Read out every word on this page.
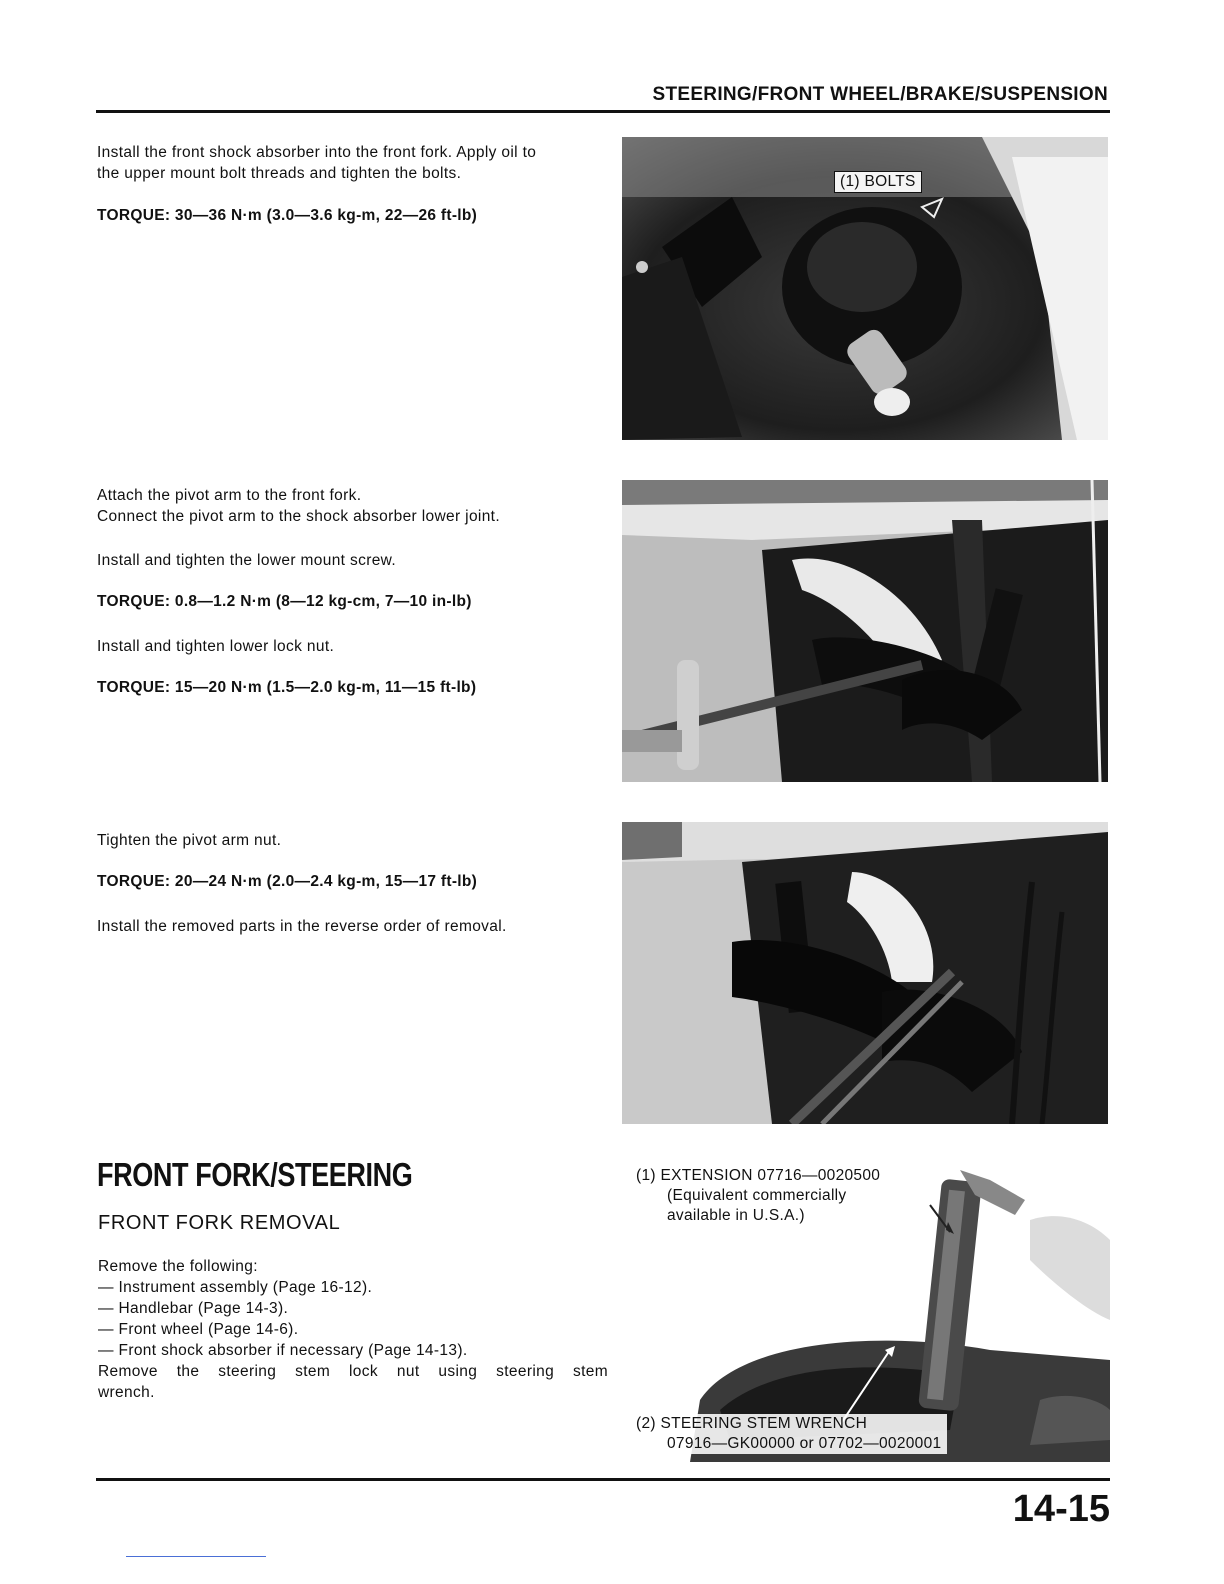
STEERING/FRONT WHEEL/BRAKE/SUSPENSION
Install the front shock absorber into the front fork. Apply oil to
the upper mount bolt threads and tighten the bolts.
TORQUE: 30—36 N·m (3.0—3.6 kg-m, 22—26 ft-lb)
(1) BOLTS
Attach the pivot arm to the front fork.
Connect the pivot arm to the shock absorber lower joint.
Install and tighten the lower mount screw.
TORQUE: 0.8—1.2 N·m (8—12 kg-cm, 7—10 in-lb)
Install and tighten lower lock nut.
TORQUE: 15—20 N·m (1.5—2.0 kg-m, 11—15 ft-lb)
Tighten the pivot arm nut.
TORQUE: 20—24 N·m (2.0—2.4 kg-m, 15—17 ft-lb)
Install the removed parts in the reverse order of removal.
FRONT FORK/STEERING
FRONT FORK REMOVAL
Remove the following:
— Instrument assembly (Page 16-12).
— Handlebar (Page 14-3).
— Front wheel (Page 14-6).
— Front shock absorber if necessary (Page 14-13).
Remove the steering stem lock nut using steering stem
wrench.
(1) EXTENSION 07716—0020500
(Equivalent commercially
available in U.S.A.)
(2) STEERING STEM WRENCH
07916—GK00000 or 07702—0020001
14-15
